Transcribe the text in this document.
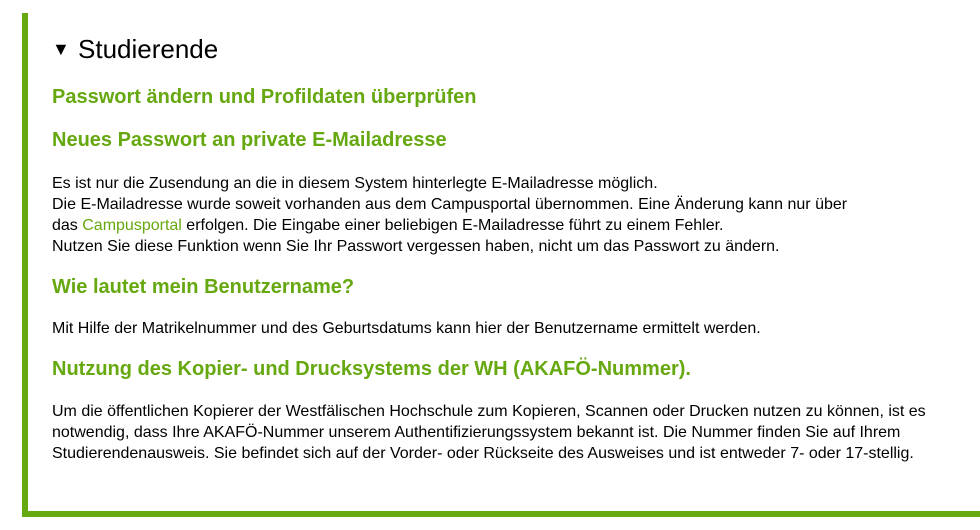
▼ Studierende
Passwort ändern und Profildaten überprüfen
Neues Passwort an private E-Mailadresse
Es ist nur die Zusendung an die in diesem System hinterlegte E-Mailadresse möglich.
Die E-Mailadresse wurde soweit vorhanden aus dem Campusportal übernommen. Eine Änderung kann nur über
das Campusportal erfolgen. Die Eingabe einer beliebigen E-Mailadresse führt zu einem Fehler.
Nutzen Sie diese Funktion wenn Sie Ihr Passwort vergessen haben, nicht um das Passwort zu ändern.
Wie lautet mein Benutzername?
Mit Hilfe der Matrikelnummer und des Geburtsdatums kann hier der Benutzername ermittelt werden.
Nutzung des Kopier- und Drucksystems der WH (AKAFÖ-Nummer).
Um die öffentlichen Kopierer der Westfälischen Hochschule zum Kopieren, Scannen oder Drucken nutzen zu können, ist es notwendig, dass Ihre AKAFÖ-Nummer unserem Authentifizierungssystem bekannt ist. Die Nummer finden Sie auf Ihrem Studierendenausweis. Sie befindet sich auf der Vorder- oder Rückseite des Ausweises und ist entweder 7- oder 17-stellig.
